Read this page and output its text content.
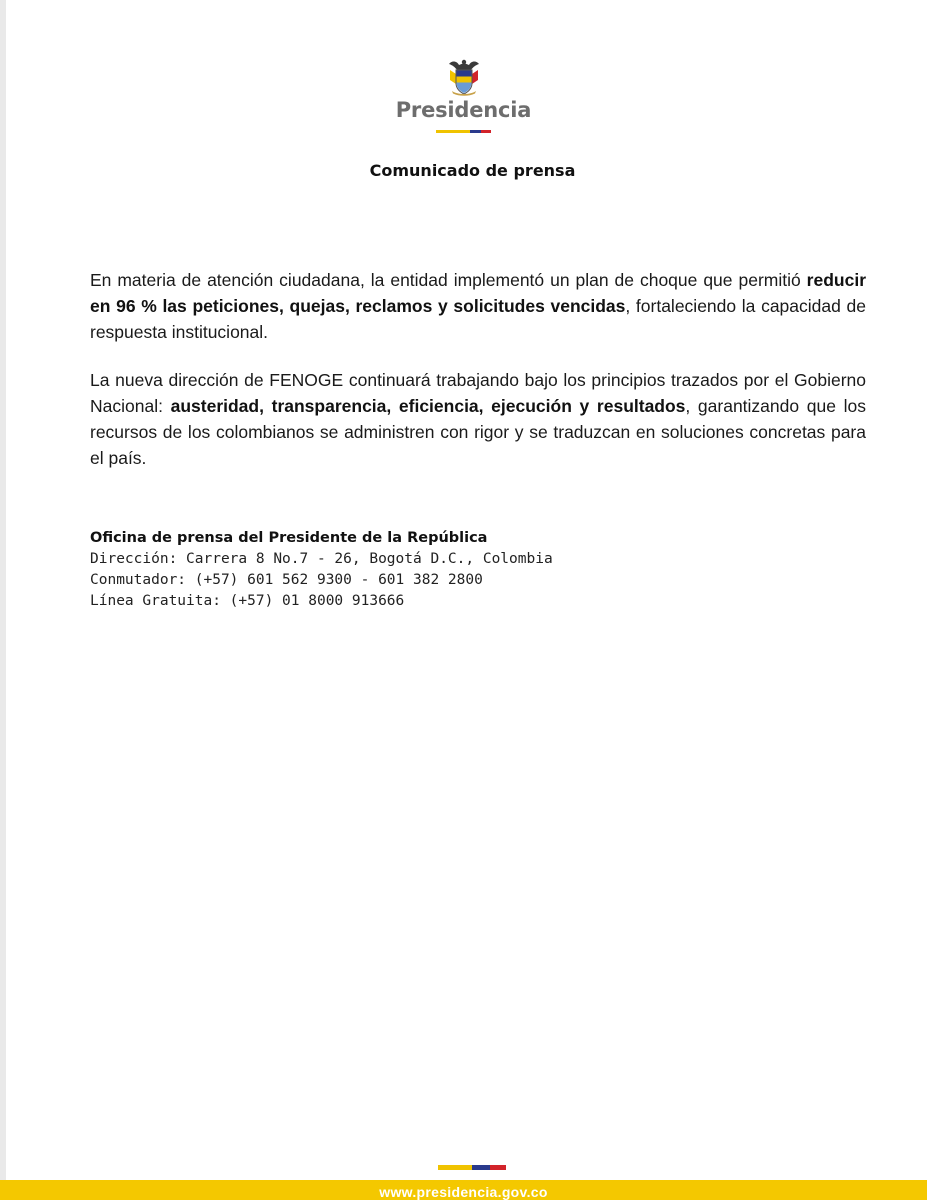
Presidencia
Comunicado de prensa

En materia de atención ciudadana, la entidad implementó un plan de choque que permitió reducir en 96 % las peticiones, quejas, reclamos y solicitudes vencidas, fortaleciendo la capacidad de respuesta institucional.

La nueva dirección de FENOGE continuará trabajando bajo los principios trazados por el Gobierno Nacional: austeridad, transparencia, eficiencia, ejecución y resultados, garantizando que los recursos de los colombianos se administren con rigor y se traduzcan en soluciones concretas para el país.

Oficina de prensa del Presidente de la República
Dirección: Carrera 8 No.7 - 26, Bogotá D.C., Colombia
Conmutador: (+57) 601 562 9300 - 601 382 2800
Línea Gratuita: (+57) 01 8000 913666
www.presidencia.gov.co
